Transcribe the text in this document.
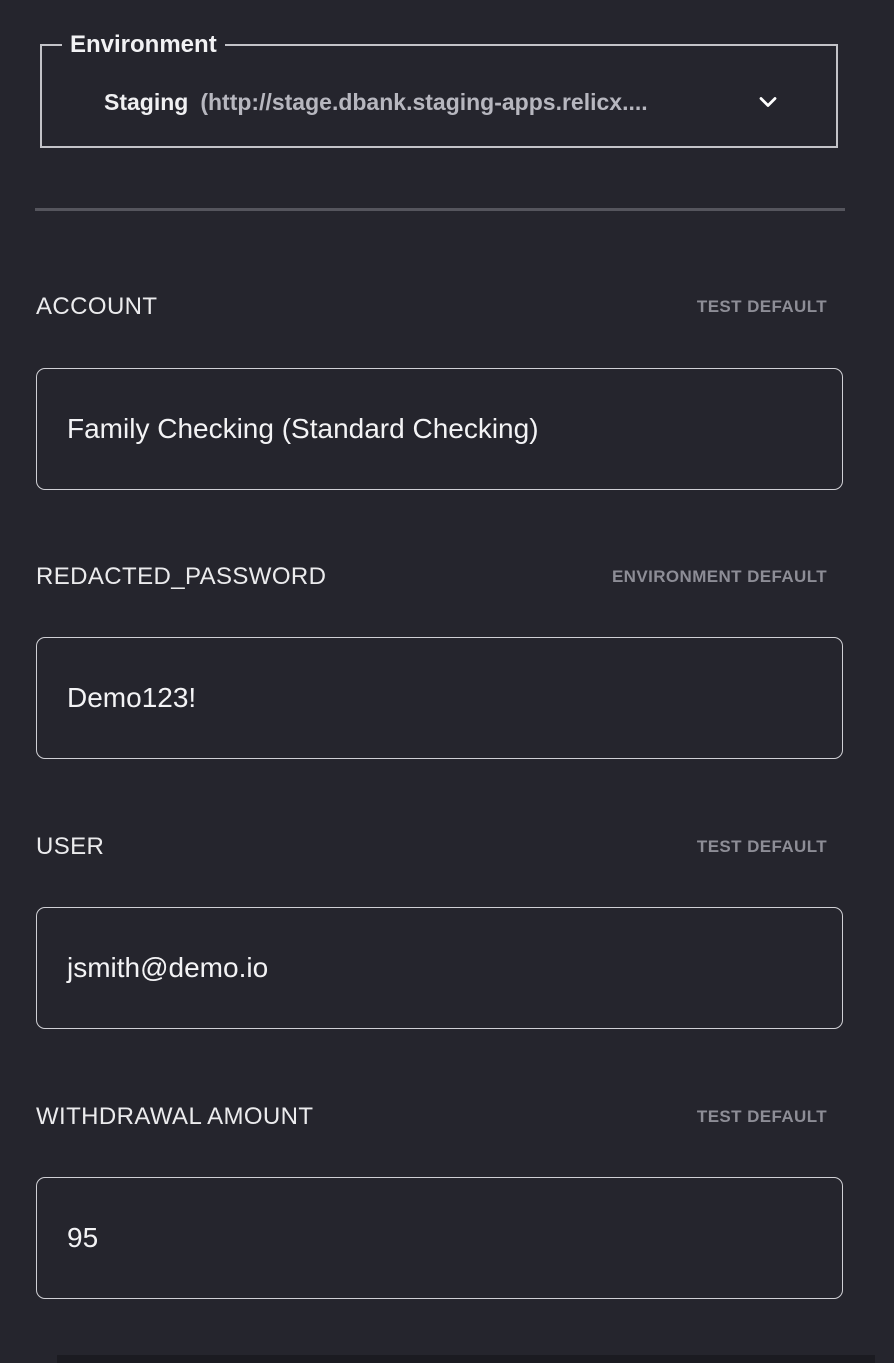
Environment
Staging (http://stage.dbank.staging-apps.relicx....
ACCOUNT	TEST DEFAULT
Family Checking (Standard Checking)
REDACTED_PASSWORD	ENVIRONMENT DEFAULT
Demo123!
USER	TEST DEFAULT
jsmith@demo.io
WITHDRAWAL AMOUNT	TEST DEFAULT
95
